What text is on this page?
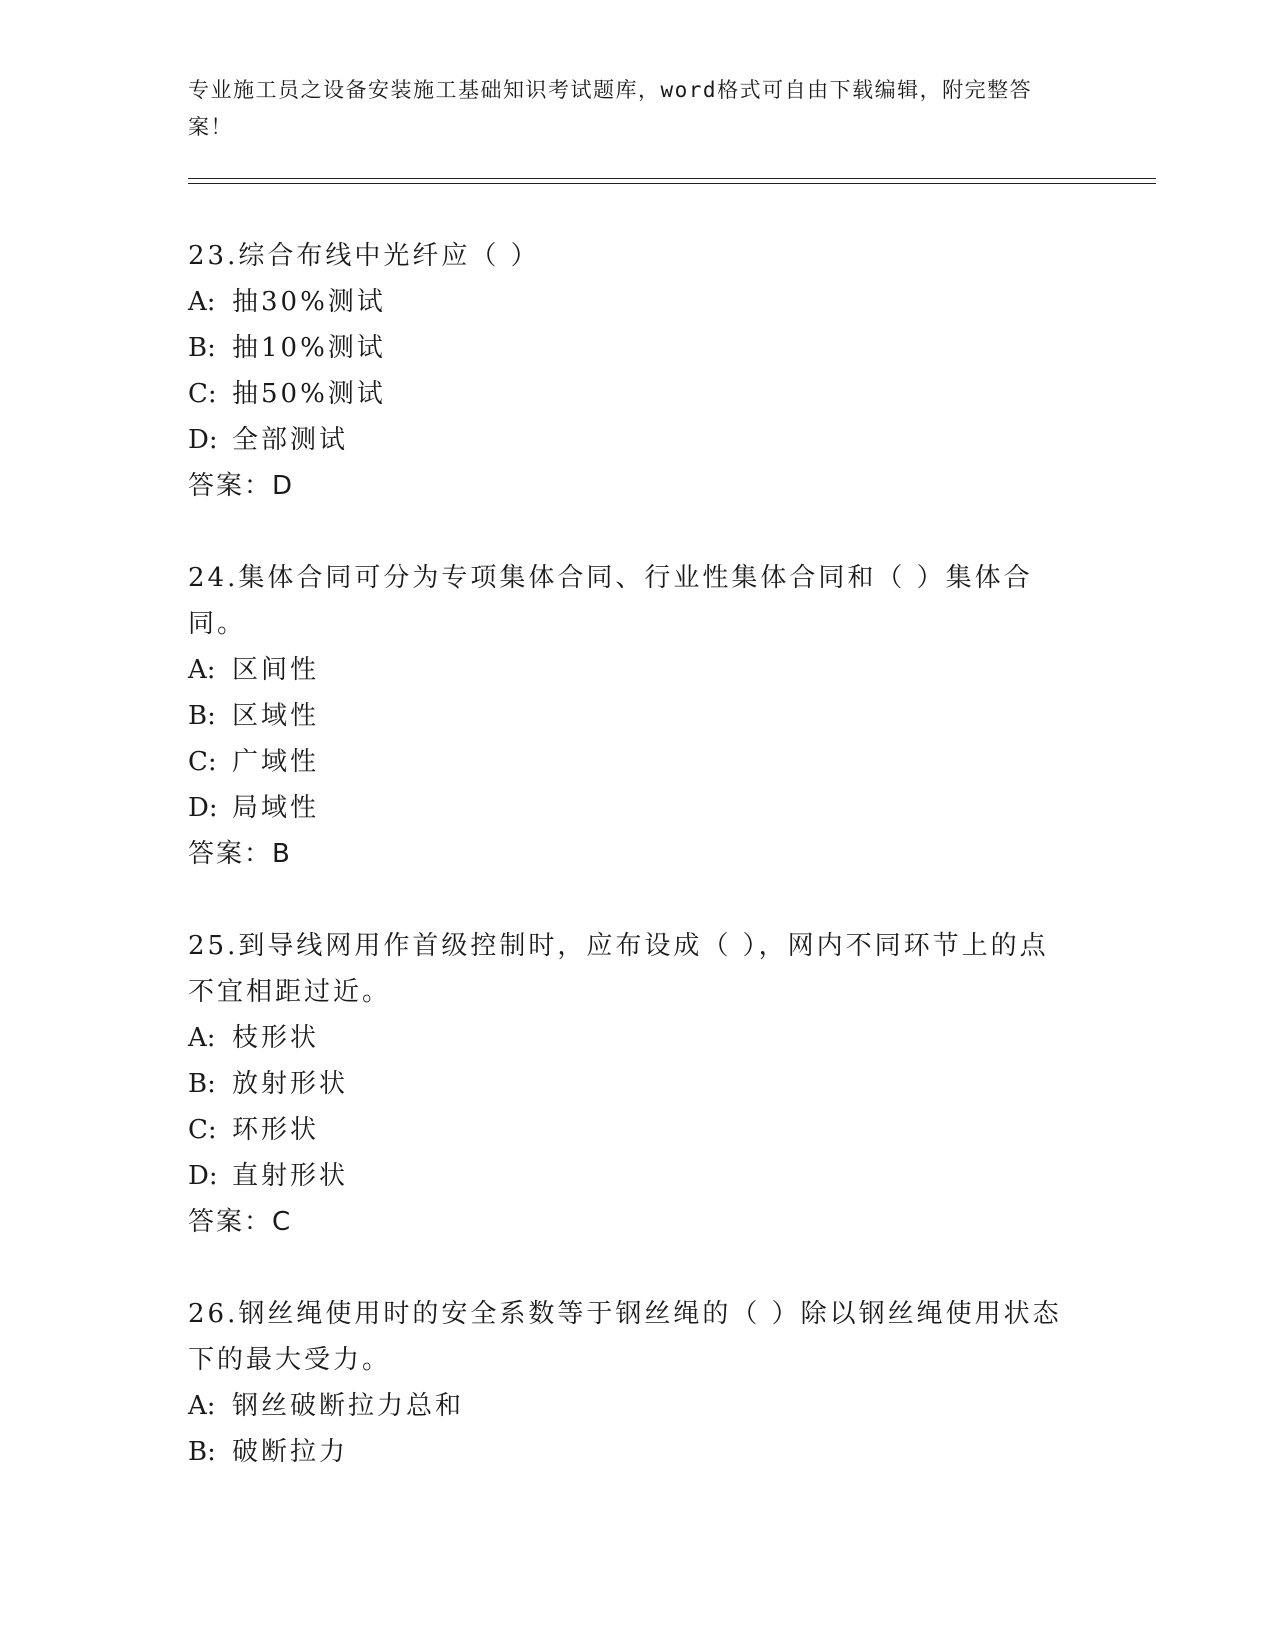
专业施工员之设备安装施工基础知识考试题库，word格式可自由下载编辑，附完整答案！

23.综合布线中光纤应（ ）

A: 抽30%测试

B: 抽10%测试

C: 抽50%测试

D: 全部测试

答案：D

24.集体合同可分为专项集体合同、行业性集体合同和（ ）集体合同。

A: 区间性

B: 区域性

C: 广域性

D: 局域性

答案：B

25.到导线网用作首级控制时，应布设成（ ），网内不同环节上的点不宜相距过近。

A: 枝形状

B: 放射形状

C: 环形状

D: 直射形状

答案：C

26.钢丝绳使用时的安全系数等于钢丝绳的（ ）除以钢丝绳使用状态下的最大受力。

A: 钢丝破断拉力总和

B: 破断拉力
